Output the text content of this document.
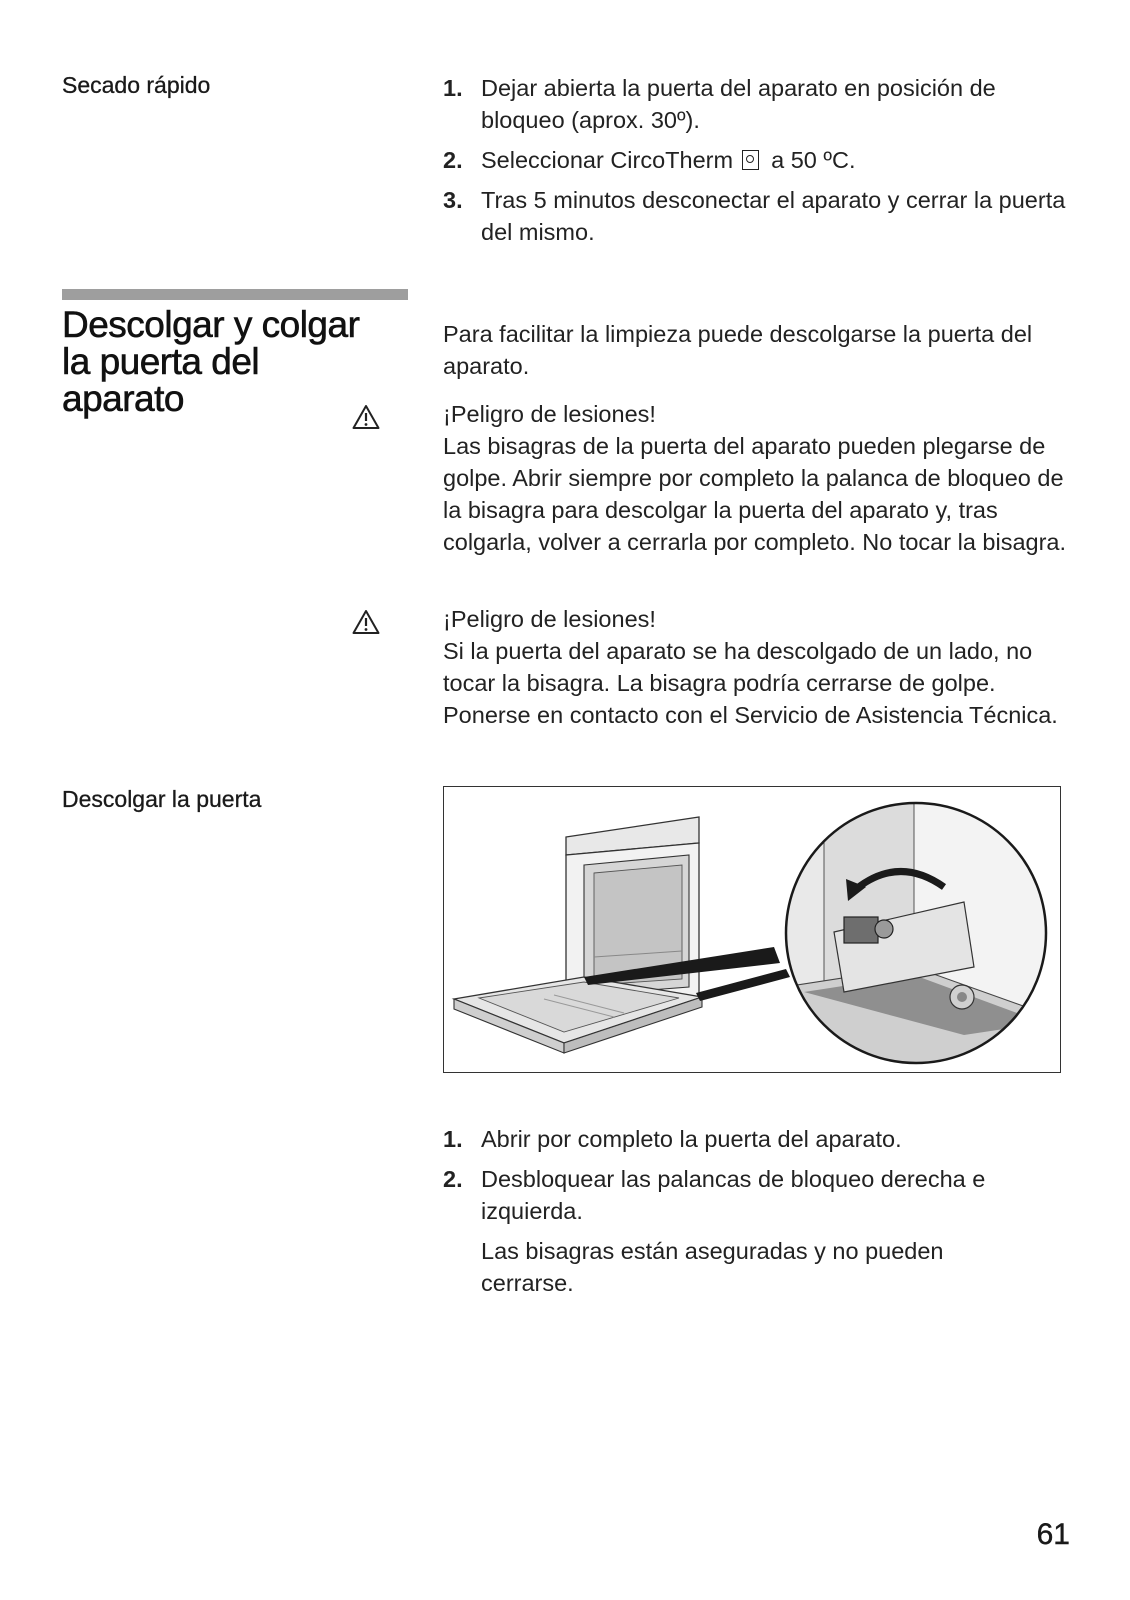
Secado rápido	1. Dejar abierta la puerta del aparato en posición de bloqueo (aprox. 30º).
2. Seleccionar CircoTherm a 50 ºC.
3. Tras 5 minutos desconectar el aparato y cerrar la puerta del mismo.
Descolgar y colgar
la puerta del
aparato
Para facilitar la limpieza puede descolgarse la puerta del aparato.
¡Peligro de lesiones!
Las bisagras de la puerta del aparato pueden plegarse de golpe. Abrir siempre por completo la palanca de bloqueo de la bisagra para descolgar la puerta del aparato y, tras colgarla, volver a cerrarla por completo. No tocar la bisagra.
¡Peligro de lesiones!
Si la puerta del aparato se ha descolgado de un lado, no tocar la bisagra. La bisagra podría cerrarse de golpe. Ponerse en contacto con el Servicio de Asistencia Técnica.
Descolgar la puerta
1. Abrir por completo la puerta del aparato.
2. Desbloquear las palancas de bloqueo derecha e izquierda.
Las bisagras están aseguradas y no pueden cerrarse.
61
